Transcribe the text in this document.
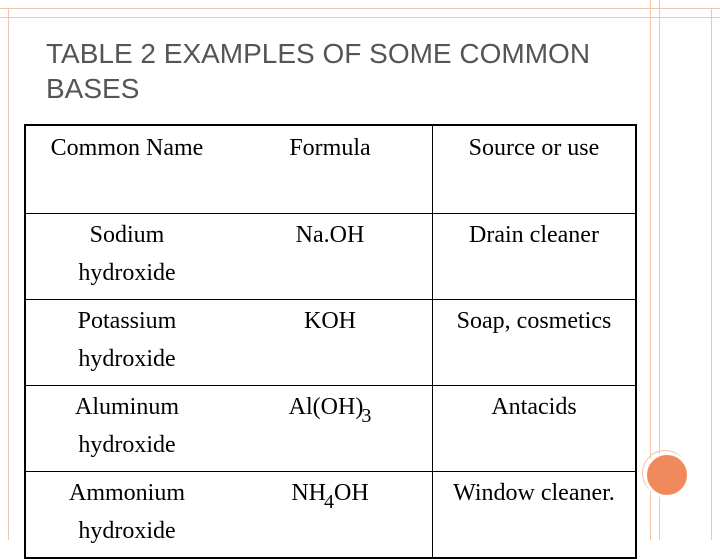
TABLE 2 EXAMPLES OF SOME COMMON BASES
Common Name	Formula	Source or use
Sodium
hydroxide	Na.OH	Drain cleaner
Potassium
hydroxide	KOH	Soap, cosmetics
Aluminum
hydroxide	$Al(OH)_3$	Antacids
Ammonium
hydroxide	$NH_4OH$	Window cleaner.
